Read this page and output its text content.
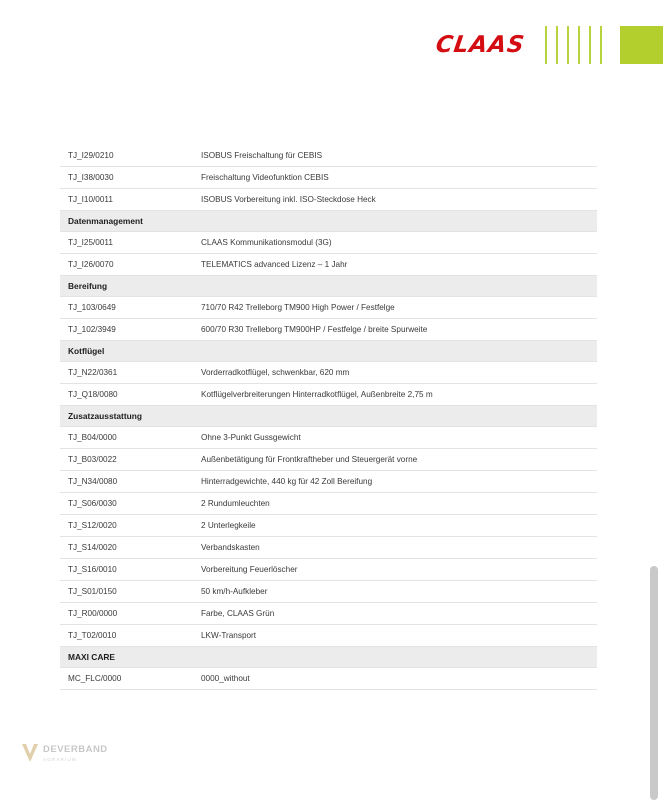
CLAAS
TJ_I29/0210	ISOBUS Freischaltung für CEBIS
TJ_I38/0030	Freischaltung Videofunktion CEBIS
TJ_I10/0011	ISOBUS Vorbereitung inkl. ISO-Steckdose Heck
Datenmanagement
TJ_I25/0011	CLAAS Kommunikationsmodul (3G)
TJ_I26/0070	TELEMATICS advanced Lizenz – 1 Jahr
Bereifung
TJ_103/0649	710/70 R42 Trelleborg TM900 High Power / Festfelge
TJ_102/3949	600/70 R30 Trelleborg TM900HP / Festfelge / breite Spurweite
Kotflügel
TJ_N22/0361	Vorderradkotflügel, schwenkbar, 620 mm
TJ_Q18/0080	Kotflügelverbreiterungen Hinterradkotflügel, Außenbreite 2,75 m
Zusatzausstattung
TJ_B04/0000	Ohne 3-Punkt Gussgewicht
TJ_B03/0022	Außenbetätigung für Frontkraftheber und Steuergerät vorne
TJ_N34/0080	Hinterradgewichte, 440 kg für 42 Zoll Bereifung
TJ_S06/0030	2 Rundumleuchten
TJ_S12/0020	2 Unterlegkeile
TJ_S14/0020	Verbandskasten
TJ_S16/0010	Vorbereitung Feuerlöscher
TJ_S01/0150	50 km/h-Aufkleber
TJ_R00/0000	Farbe, CLAAS Grün
TJ_T02/0010	LKW-Transport
MAXI CARE
MC_FLC/0000	0000_without
DEVERBAND
AGRARIUM
